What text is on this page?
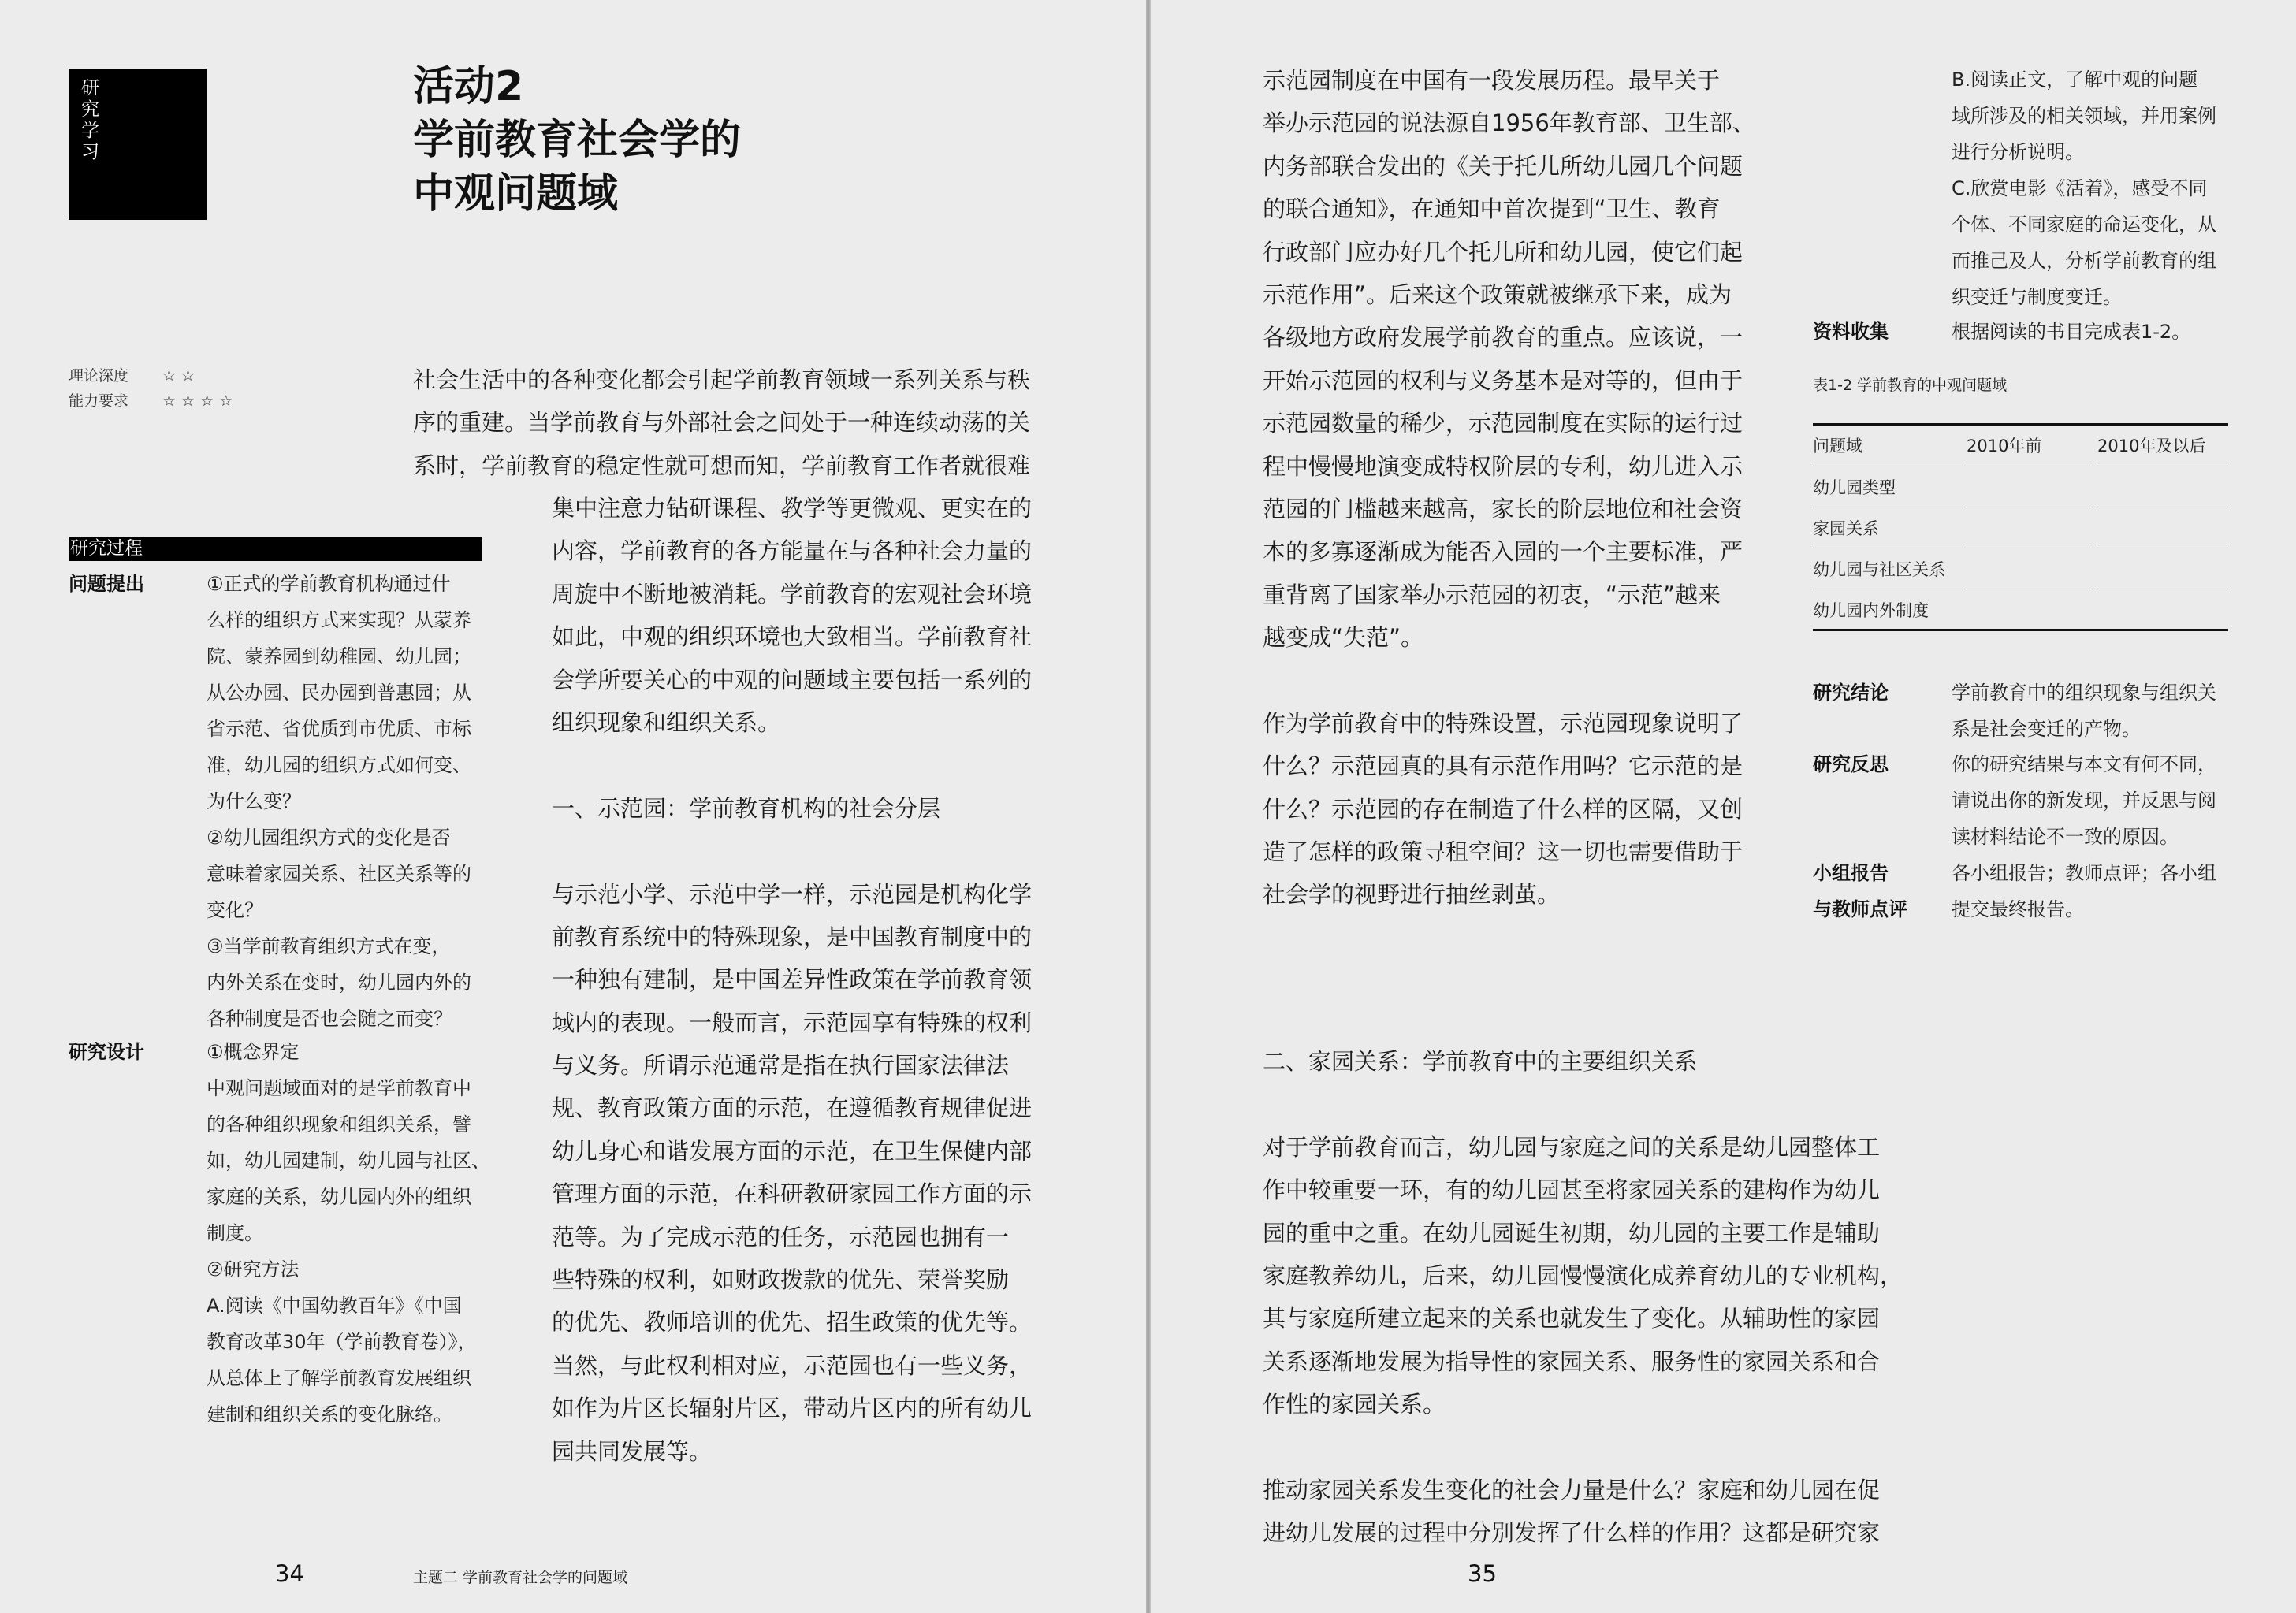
研究学习
活动2
学前教育社会学的
中观问题域
理论深度 ☆☆
能力要求 ☆☆☆☆
研究过程
问题提出	①正式的学前教育机构通过什
么样的组织方式来实现？从蒙养
院、蒙养园到幼稚园、幼儿园；
从公办园、民办园到普惠园；从
省示范、省优质到市优质、市标
准，幼儿园的组织方式如何变、
为什么变？
②幼儿园组织方式的变化是否
意味着家园关系、社区关系等的
变化？
③当学前教育组织方式在变，
内外关系在变时，幼儿园内外的
各种制度是否也会随之而变？
研究设计	①概念界定
中观问题域面对的是学前教育中
的各种组织现象和组织关系，譬
如，幼儿园建制，幼儿园与社区、
家庭的关系，幼儿园内外的组织
制度。
②研究方法
A.阅读《中国幼教百年》《中国
教育改革30年（学前教育卷）》，
从总体上了解学前教育发展组织
建制和组织关系的变化脉络。
社会生活中的各种变化都会引起学前教育领域一系列关系与秩
序的重建。当学前教育与外部社会之间处于一种连续动荡的关
系时，学前教育的稳定性就可想而知，学前教育工作者就很难
集中注意力钻研课程、教学等更微观、更实在的
内容，学前教育的各方能量在与各种社会力量的
周旋中不断地被消耗。学前教育的宏观社会环境
如此，中观的组织环境也大致相当。学前教育社
会学所要关心的中观的问题域主要包括一系列的
组织现象和组织关系。
一、示范园：学前教育机构的社会分层
与示范小学、示范中学一样，示范园是机构化学
前教育系统中的特殊现象，是中国教育制度中的
一种独有建制，是中国差异性政策在学前教育领
域内的表现。一般而言，示范园享有特殊的权利
与义务。所谓示范通常是指在执行国家法律法
规、教育政策方面的示范，在遵循教育规律促进
幼儿身心和谐发展方面的示范，在卫生保健内部
管理方面的示范，在科研教研家园工作方面的示
范等。为了完成示范的任务，示范园也拥有一
些特殊的权利，如财政拨款的优先、荣誉奖励
的优先、教师培训的优先、招生政策的优先等。
当然，与此权利相对应，示范园也有一些义务，
如作为片区长辐射片区，带动片区内的所有幼儿
园共同发展等。
34	主题二 学前教育社会学的问题域
示范园制度在中国有一段发展历程。最早关于
举办示范园的说法源自1956年教育部、卫生部、
内务部联合发出的《关于托儿所幼儿园几个问题
的联合通知》，在通知中首次提到“卫生、教育
行政部门应办好几个托儿所和幼儿园，使它们起
示范作用”。后来这个政策就被继承下来，成为
各级地方政府发展学前教育的重点。应该说，一
开始示范园的权利与义务基本是对等的，但由于
示范园数量的稀少，示范园制度在实际的运行过
程中慢慢地演变成特权阶层的专利，幼儿进入示
范园的门槛越来越高，家长的阶层地位和社会资
本的多寡逐渐成为能否入园的一个主要标准，严
重背离了国家举办示范园的初衷，“示范”越来
越变成“失范”。
作为学前教育中的特殊设置，示范园现象说明了
什么？示范园真的具有示范作用吗？它示范的是
什么？示范园的存在制造了什么样的区隔，又创
造了怎样的政策寻租空间？这一切也需要借助于
社会学的视野进行抽丝剥茧。
二、家园关系：学前教育中的主要组织关系
对于学前教育而言，幼儿园与家庭之间的关系是幼儿园整体工
作中较重要一环，有的幼儿园甚至将家园关系的建构作为幼儿
园的重中之重。在幼儿园诞生初期，幼儿园的主要工作是辅助
家庭教养幼儿，后来，幼儿园慢慢演化成养育幼儿的专业机构，
其与家庭所建立起来的关系也就发生了变化。从辅助性的家园
关系逐渐地发展为指导性的家园关系、服务性的家园关系和合
作性的家园关系。
推动家园关系发生变化的社会力量是什么？家庭和幼儿园在促
进幼儿发展的过程中分别发挥了什么样的作用？这都是研究家
B.阅读正文，了解中观的问题
域所涉及的相关领域，并用案例
进行分析说明。
C.欣赏电影《活着》，感受不同
个体、不同家庭的命运变化，从
而推己及人，分析学前教育的组
织变迁与制度变迁。
资料收集	根据阅读的书目完成表1-2。
表1-2 学前教育的中观问题域
问题域	2010年前	2010年及以后
幼儿园类型
家园关系
幼儿园与社区关系
幼儿园内外制度
研究结论	学前教育中的组织现象与组织关
系是社会变迁的产物。
研究反思	你的研究结果与本文有何不同，
请说出你的新发现，并反思与阅
读材料结论不一致的原因。
小组报告
与教师点评
各小组报告；教师点评；各小组
提交最终报告。
35
